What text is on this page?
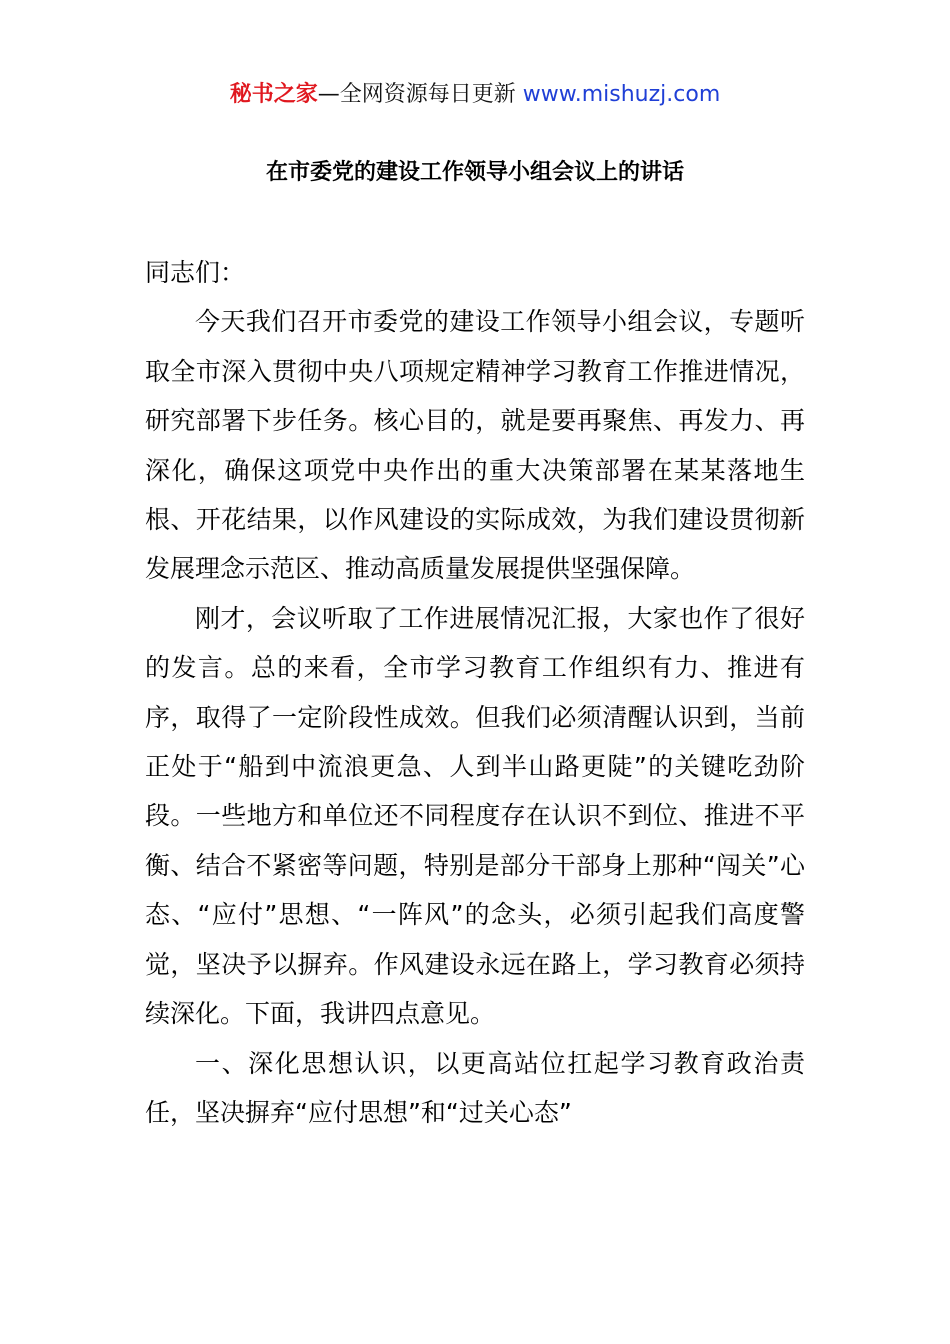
秘书之家—全网资源每日更新 www.mishuzj.com
在市委党的建设工作领导小组会议上的讲话

同志们：

今天我们召开市委党的建设工作领导小组会议，专题听取全市深入贯彻中央八项规定精神学习教育工作推进情况，研究部署下步任务。核心目的，就是要再聚焦、再发力、再深化，确保这项党中央作出的重大决策部署在某某落地生根、开花结果，以作风建设的实际成效，为我们建设贯彻新发展理念示范区、推动高质量发展提供坚强保障。

刚才，会议听取了工作进展情况汇报，大家也作了很好的发言。总的来看，全市学习教育工作组织有力、推进有序，取得了一定阶段性成效。但我们必须清醒认识到，当前正处于“船到中流浪更急、人到半山路更陡”的关键吃劲阶段。一些地方和单位还不同程度存在认识不到位、推进不平衡、结合不紧密等问题，特别是部分干部身上那种“闯关”心态、“应付”思想、“一阵风”的念头，必须引起我们高度警觉，坚决予以摒弃。作风建设永远在路上，学习教育必须持续深化。下面，我讲四点意见。

一、深化思想认识，以更高站位扛起学习教育政治责任，坚决摒弃“应付思想”和“过关心态”
